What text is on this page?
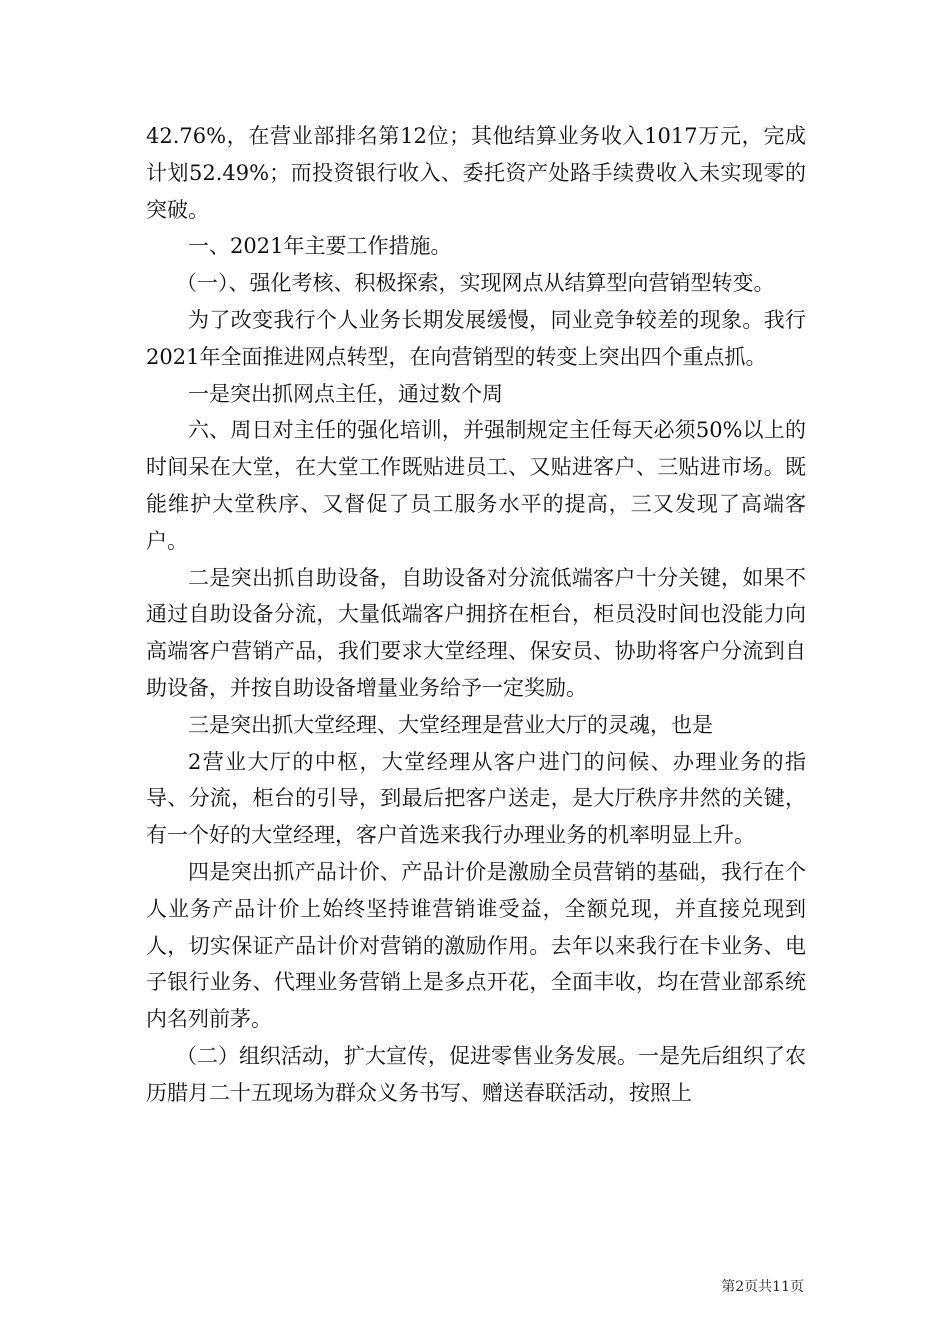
42.76%，在营业部排名第12位；其他结算业务收入1017万元，完成计划52.49%；而投资银行收入、委托资产处路手续费收入未实现零的突破。

一、2021年主要工作措施。

（一）、强化考核、积极探索，实现网点从结算型向营销型转变。

为了改变我行个人业务长期发展缓慢，同业竞争较差的现象。我行2021年全面推进网点转型，在向营销型的转变上突出四个重点抓。

一是突出抓网点主任，通过数个周

六、周日对主任的强化培训，并强制规定主任每天必须50%以上的时间呆在大堂，在大堂工作既贴进员工、又贴进客户、三贴进市场。既能维护大堂秩序、又督促了员工服务水平的提高，三又发现了高端客户。

二是突出抓自助设备，自助设备对分流低端客户十分关键，如果不通过自助设备分流，大量低端客户拥挤在柜台，柜员没时间也没能力向高端客户营销产品，我们要求大堂经理、保安员、协助将客户分流到自助设备，并按自助设备增量业务给予一定奖励。

三是突出抓大堂经理、大堂经理是营业大厅的灵魂，也是

2营业大厅的中枢，大堂经理从客户进门的问候、办理业务的指导、分流，柜台的引导，到最后把客户送走，是大厅秩序井然的关键，有一个好的大堂经理，客户首选来我行办理业务的机率明显上升。

四是突出抓产品计价、产品计价是激励全员营销的基础，我行在个人业务产品计价上始终坚持谁营销谁受益，全额兑现，并直接兑现到人，切实保证产品计价对营销的激励作用。去年以来我行在卡业务、电子银行业务、代理业务营销上是多点开花，全面丰收，均在营业部系统内名列前茅。

（二）组织活动，扩大宣传，促进零售业务发展。一是先后组织了农历腊月二十五现场为群众义务书写、赠送春联活动，按照上

第2页共11页
